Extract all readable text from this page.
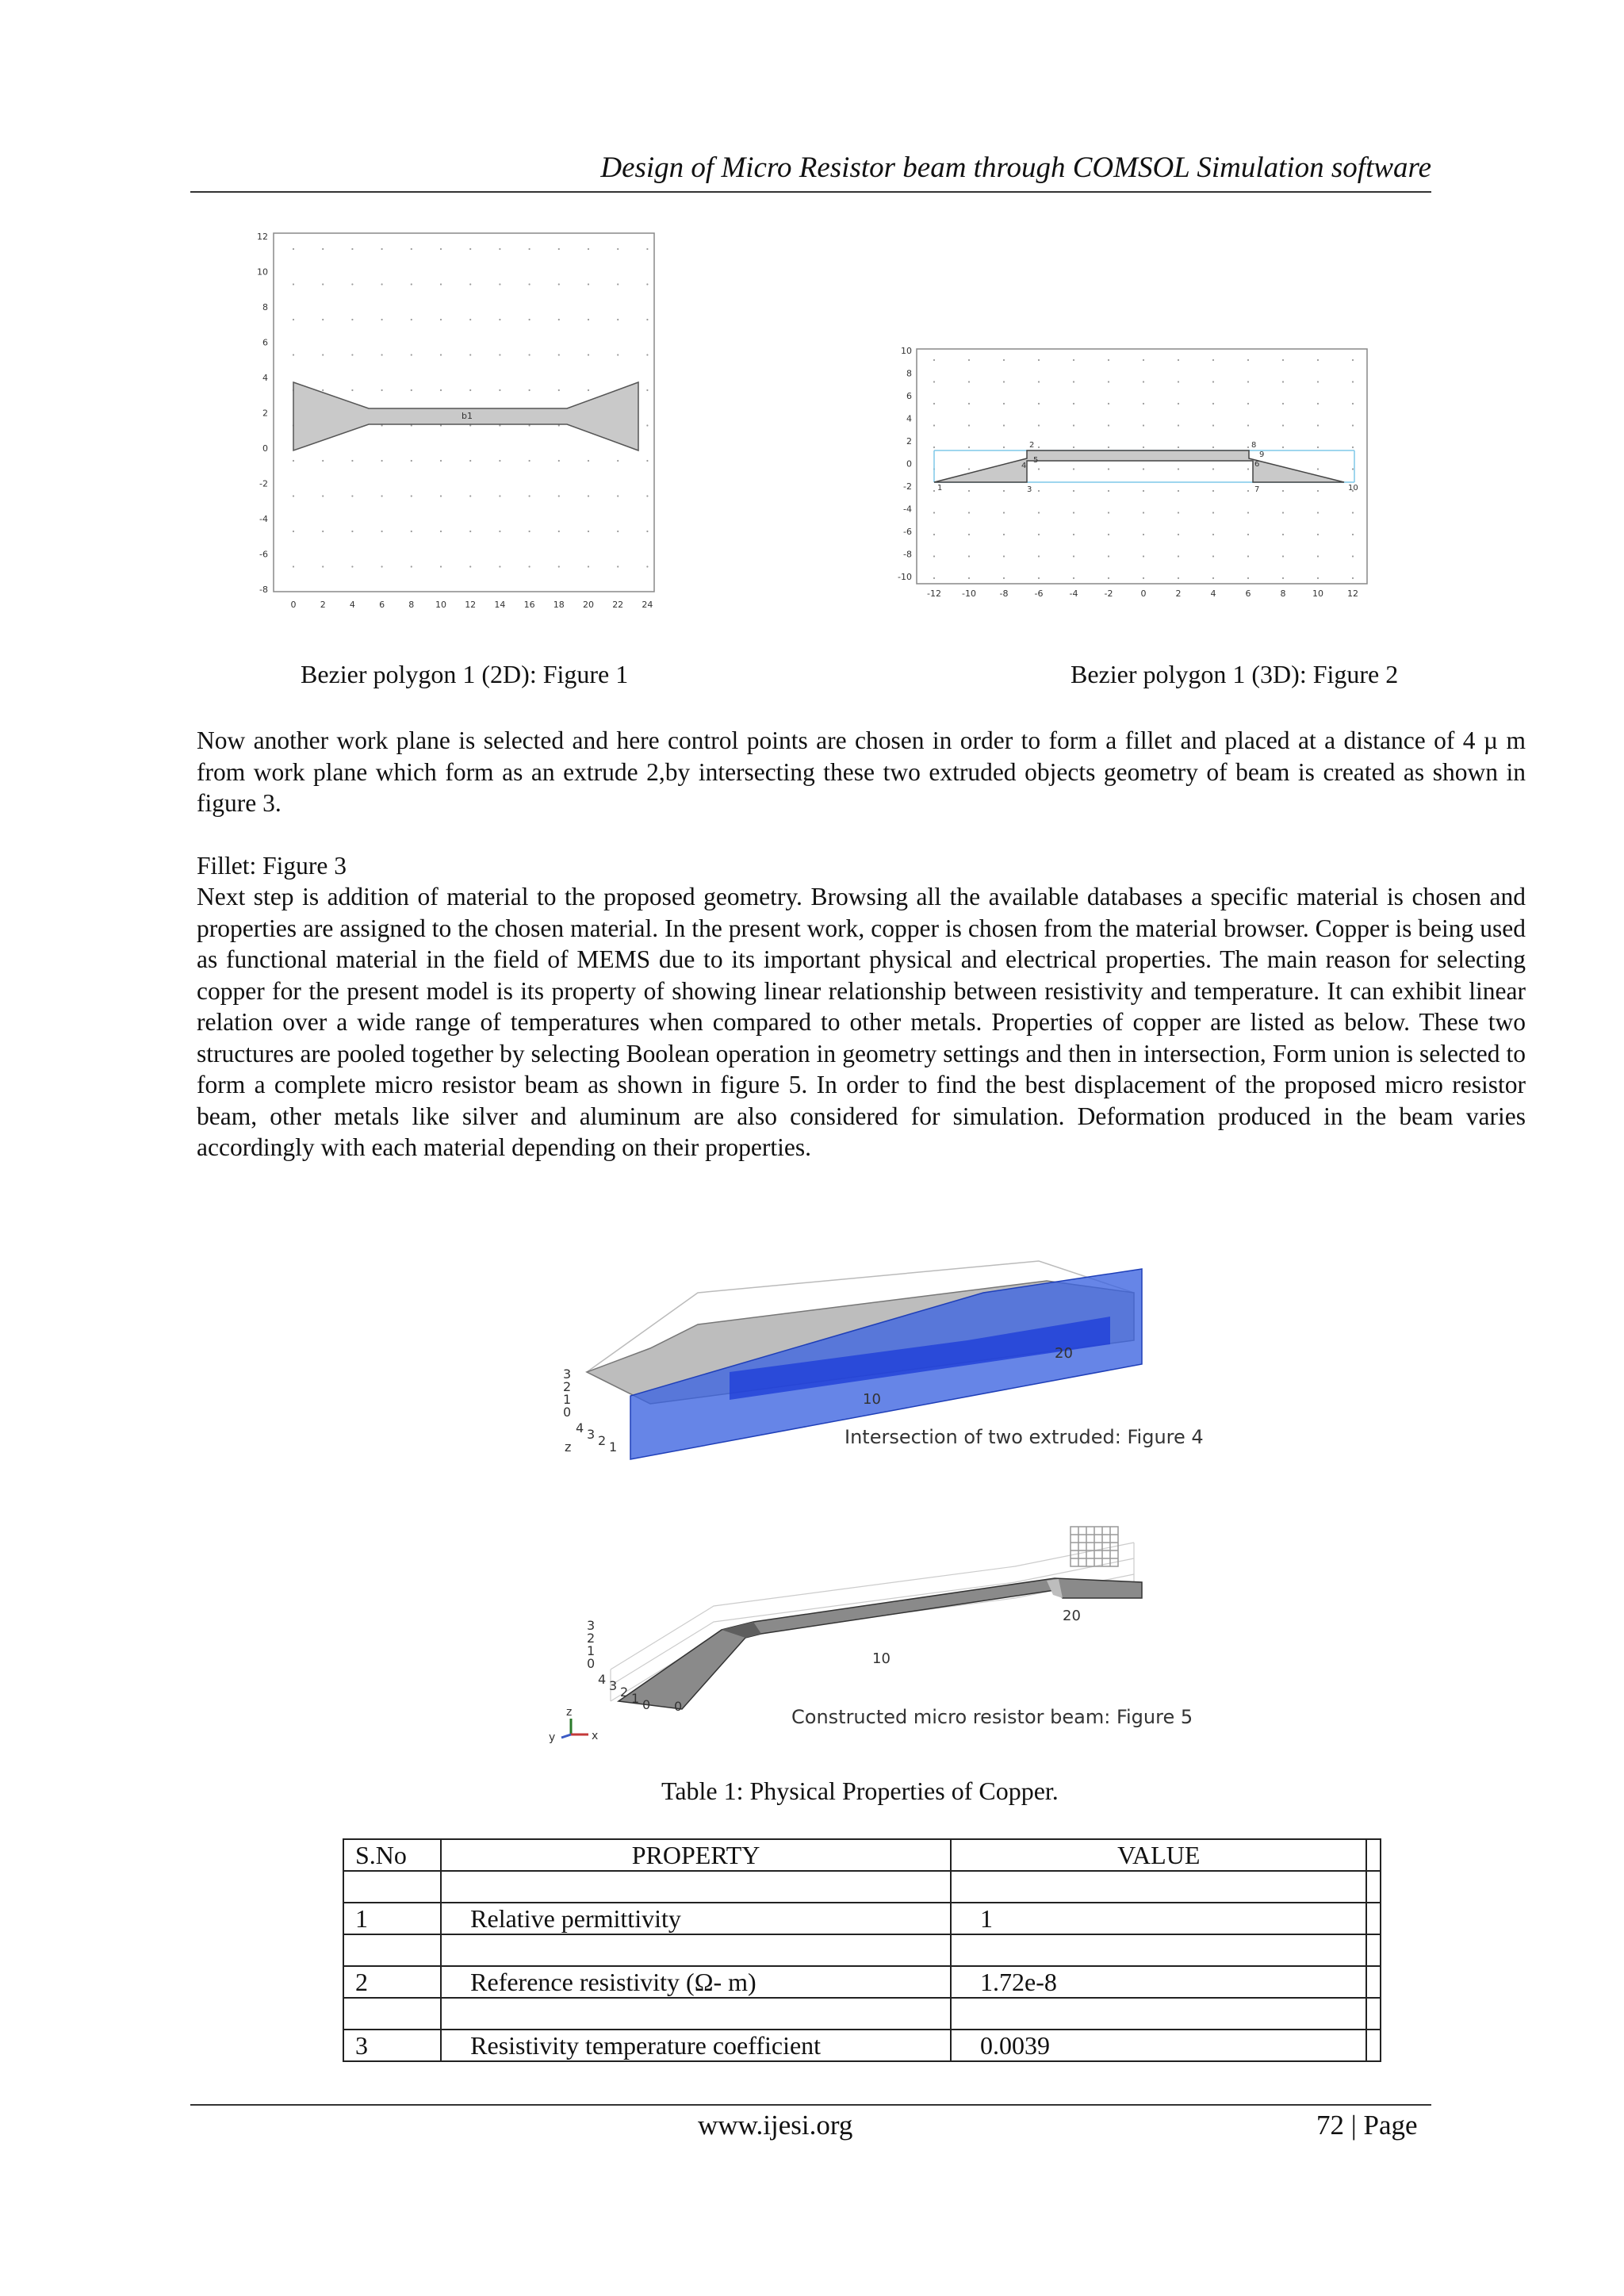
Design of Micro Resistor beam through COMSOL Simulation software
b1
0	2	4	6	8 10 12 14 16 18 20 22 24
12
10
8
6
4
2
0
-2
-4
-6
-8
Bezier polygon 1 (2D): Figure 1
1
2
3
4
5	6
7
8
9
10
-12 -10	-8	-6	-4	-2	0	2	4	6	8	10	12
10
8
6
4
2
0
-2
-4
-6
-8
-10
Bezier polygon 1 (3D): Figure 2

Now another work plane is selected and here control points are chosen in order to form a fillet and placed at a distance of 4 µ m from work plane which form as an extrude 2,by intersecting these two extruded objects geometry of beam is created as shown in figure 3.

Fillet: Figure 3

Next step is addition of material to the proposed geometry. Browsing all the available databases a specific material is chosen and properties are assigned to the chosen material. In the present work, copper is chosen from the material browser. Copper is being used as functional material in the field of MEMS due to its important physical and electrical properties. The main reason for selecting copper for the present model is its property of showing linear relationship between resistivity and temperature. It can exhibit linear relation over a wide range of temperatures when compared to other metals. Properties of copper are listed as below. These two structures are pooled together by selecting Boolean operation in geometry settings and then in intersection, Form union is selected to form a complete micro resistor beam as shown in figure 5. In order to find the best displacement of the proposed micro resistor beam, other metals like silver and aluminum are also considered for simulation. Deformation produced in the beam varies accordingly with each material depending on their properties.

3
2
1
0
z
4 3 2 1
10
20
Intersection of two extruded: Figure 4
3
2
1
0
4 3 2 1 0 0
10
20
y
z
x
Constructed micro resistor beam: Figure 5
Table 1: Physical Properties of Copper.
S.No	PROPERTY	VALUE	

1	Relative permittivity	1	

2	Reference resistivity (Ω- m)	1.72e-8	

3	Resistivity temperature coefficient	0.0039	
www.ijesi.org	72 | Page
